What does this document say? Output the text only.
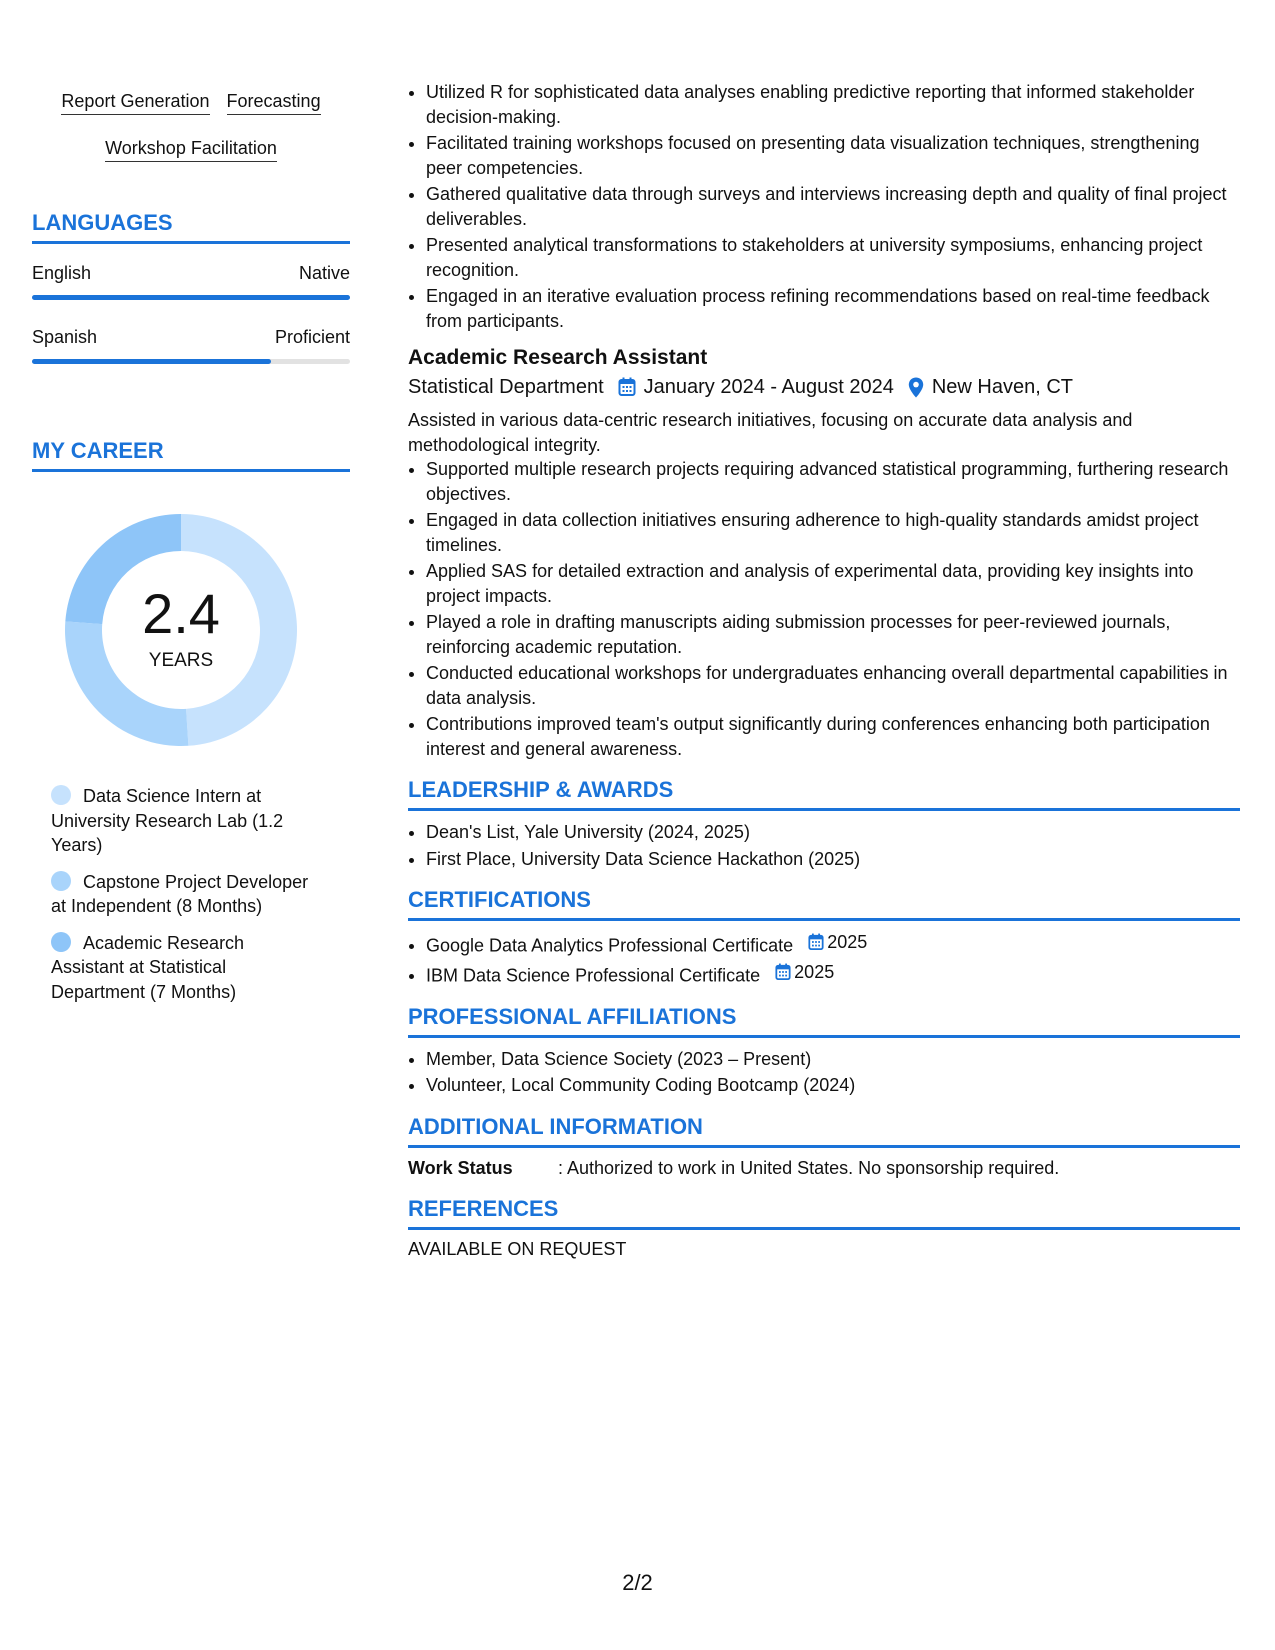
Report Generation Forecasting
Workshop Facilitation
LANGUAGES
English	Native
Spanish	Proficient
MY CAREER
2.4
YEARS
Data Science Intern at University Research Lab (1.2 Years)
Capstone Project Developer at Independent (8 Months)
Academic Research Assistant at Statistical Department (7 Months)
• Utilized R for sophisticated data analyses enabling predictive reporting that informed stakeholder decision-making.
• Facilitated training workshops focused on presenting data visualization techniques, strengthening peer competencies.
• Gathered qualitative data through surveys and interviews increasing depth and quality of final project deliverables.
• Presented analytical transformations to stakeholders at university symposiums, enhancing project recognition.
• Engaged in an iterative evaluation process refining recommendations based on real-time feedback from participants.
Academic Research Assistant
Statistical Department January 2024 - August 2024 New Haven, CT
Assisted in various data-centric research initiatives, focusing on accurate data analysis and methodological integrity.
• Supported multiple research projects requiring advanced statistical programming, furthering research objectives.
• Engaged in data collection initiatives ensuring adherence to high-quality standards amidst project timelines.
• Applied SAS for detailed extraction and analysis of experimental data, providing key insights into project impacts.
• Played a role in drafting manuscripts aiding submission processes for peer-reviewed journals, reinforcing academic reputation.
• Conducted educational workshops for undergraduates enhancing overall departmental capabilities in data analysis.
• Contributions improved team's output significantly during conferences enhancing both participation interest and general awareness.
LEADERSHIP & AWARDS
• Dean's List, Yale University (2024, 2025)
• First Place, University Data Science Hackathon (2025)
CERTIFICATIONS
• Google Data Analytics Professional Certificate 2025
• IBM Data Science Professional Certificate 2025
PROFESSIONAL AFFILIATIONS
• Member, Data Science Society (2023 – Present)
• Volunteer, Local Community Coding Bootcamp (2024)
ADDITIONAL INFORMATION
Work Status	: Authorized to work in United States. No sponsorship required.
REFERENCES
AVAILABLE ON REQUEST
2/2
